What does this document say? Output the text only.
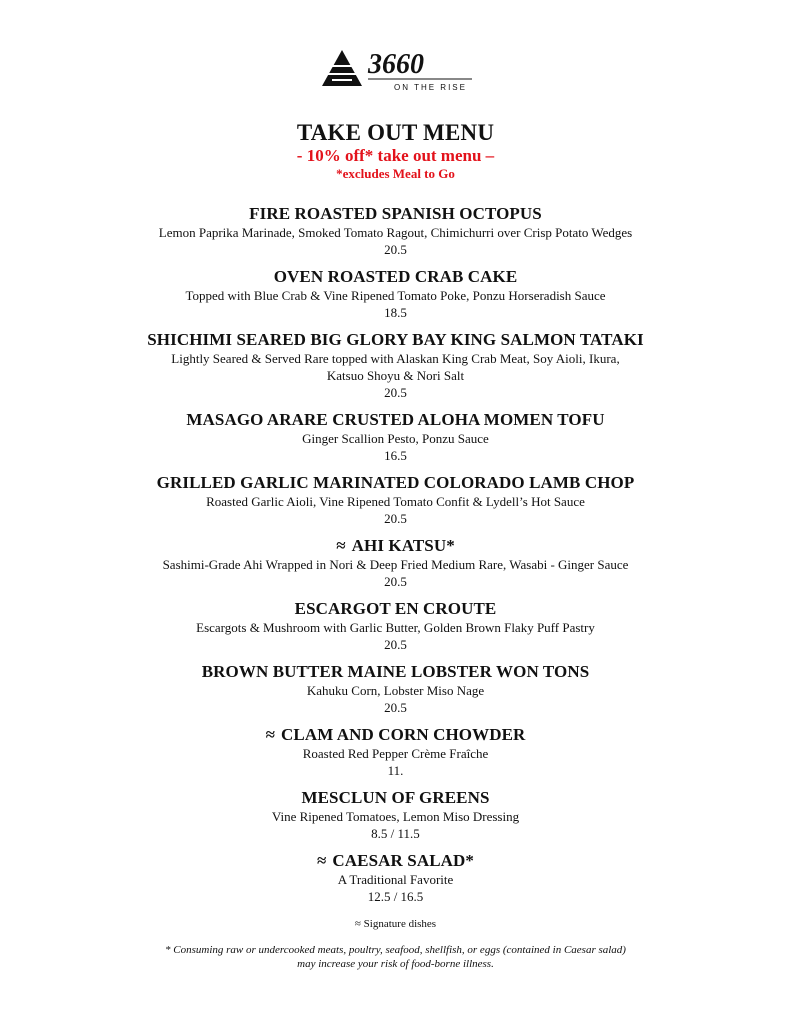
3660
ON THE RISE
TAKE OUT MENU
- 10% off* take out menu –
*excludes Meal to Go
FIRE ROASTED SPANISH OCTOPUS
Lemon Paprika Marinade, Smoked Tomato Ragout, Chimichurri over Crisp Potato Wedges
20.5
OVEN ROASTED CRAB CAKE
Topped with Blue Crab & Vine Ripened Tomato Poke, Ponzu Horseradish Sauce
18.5
SHICHIMI SEARED BIG GLORY BAY KING SALMON TATAKI
Lightly Seared & Served Rare topped with Alaskan King Crab Meat, Soy Aioli, Ikura,
Katsuo Shoyu & Nori Salt
20.5
MASAGO ARARE CRUSTED ALOHA MOMEN TOFU
Ginger Scallion Pesto, Ponzu Sauce
16.5
GRILLED GARLIC MARINATED COLORADO LAMB CHOP
Roasted Garlic Aioli, Vine Ripened Tomato Confit & Lydell’s Hot Sauce
20.5
≈ AHI KATSU*
Sashimi-Grade Ahi Wrapped in Nori & Deep Fried Medium Rare, Wasabi - Ginger Sauce
20.5
ESCARGOT EN CROUTE
Escargots & Mushroom with Garlic Butter, Golden Brown Flaky Puff Pastry
20.5
BROWN BUTTER MAINE LOBSTER WON TONS
Kahuku Corn, Lobster Miso Nage
20.5
≈ CLAM AND CORN CHOWDER
Roasted Red Pepper Crème Fraîche
11.
MESCLUN OF GREENS
Vine Ripened Tomatoes, Lemon Miso Dressing
8.5 / 11.5
≈ CAESAR SALAD*
A Traditional Favorite
12.5 / 16.5
≈ Signature dishes
* Consuming raw or undercooked meats, poultry, seafood, shellfish, or eggs (contained in Caesar salad)
may increase your risk of food-borne illness.
